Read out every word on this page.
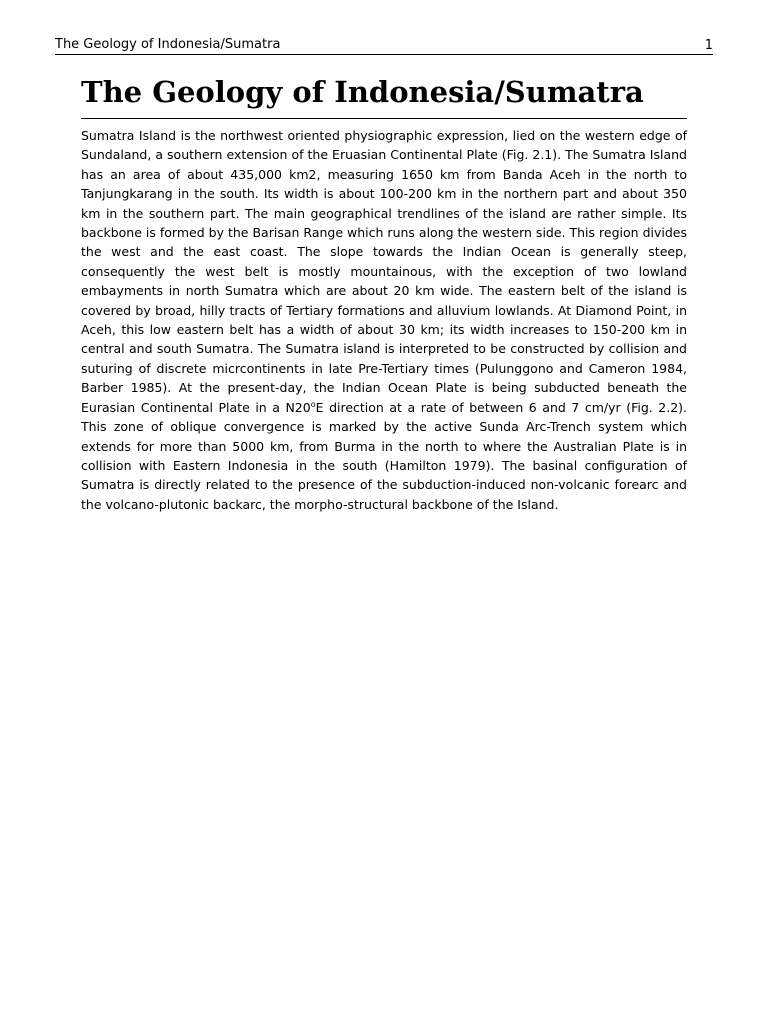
The Geology of Indonesia/Sumatra	1
The Geology of Indonesia/Sumatra

Sumatra Island is the northwest oriented physiographic expression, lied on the western edge of Sundaland, a southern extension of the Eruasian Continental Plate (Fig. 2.1). The Sumatra Island has an area of about 435,000 km2, measuring 1650 km from Banda Aceh in the north to Tanjungkarang in the south. Its width is about 100-200 km in the northern part and about 350 km in the southern part. The main geographical trendlines of the island are rather simple. Its backbone is formed by the Barisan Range which runs along the western side. This region divides the west and the east coast. The slope towards the Indian Ocean is generally steep, consequently the west belt is mostly mountainous, with the exception of two lowland embayments in north Sumatra which are about 20 km wide. The eastern belt of the island is covered by broad, hilly tracts of Tertiary formations and alluvium lowlands. At Diamond Point, in Aceh, this low eastern belt has a width of about 30 km; its width increases to 150-200 km in central and south Sumatra. The Sumatra island is interpreted to be constructed by collision and suturing of discrete micrcontinents in late Pre-Tertiary times (Pulunggono and Cameron 1984, Barber 1985). At the present-day, the Indian Ocean Plate is being subducted beneath the Eurasian Continental Plate in a N20$^o$E direction at a rate of between 6 and 7 cm/yr (Fig. 2.2). This zone of oblique convergence is marked by the active Sunda Arc-Trench system which extends for more than 5000 km, from Burma in the north to where the Australian Plate is in collision with Eastern Indonesia in the south (Hamilton 1979). The basinal configuration of Sumatra is directly related to the presence of the subduction-induced non-volcanic forearc and the volcano-plutonic backarc, the morpho-structural backbone of the Island.
